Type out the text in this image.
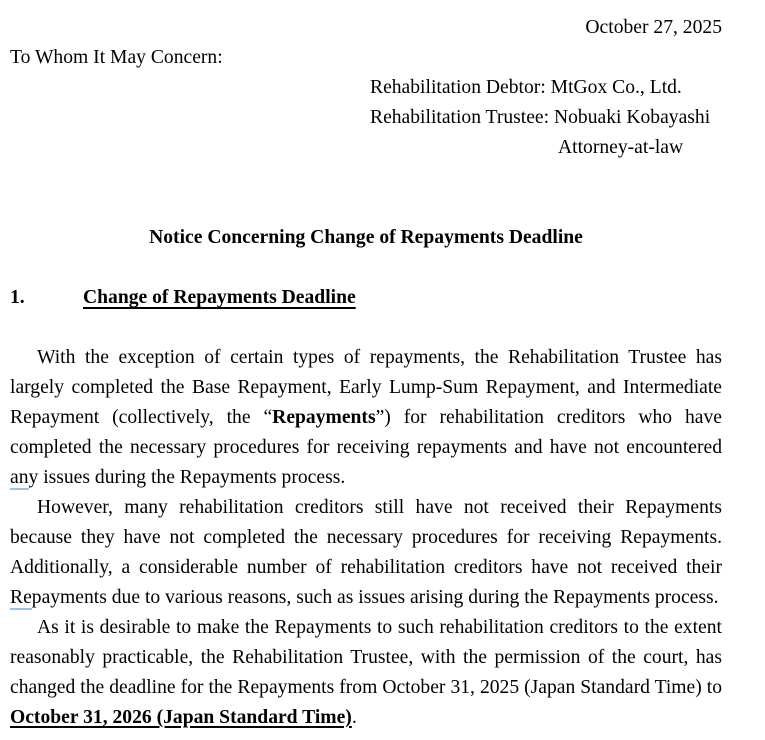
October 27, 2025
To Whom It May Concern:
Rehabilitation Debtor: MtGox Co., Ltd.
Rehabilitation Trustee: Nobuaki Kobayashi
Attorney-at-law
Notice Concerning Change of Repayments Deadline
1.	Change of Repayments Deadline

With the exception of certain types of repayments, the Rehabilitation Trustee has largely completed the Base Repayment, Early Lump-Sum Repayment, and Intermediate Repayment (collectively, the “Repayments”) for rehabilitation creditors who have completed the necessary procedures for receiving repayments and have not encountered any issues during the Repayments process.

However, many rehabilitation creditors still have not received their Repayments because they have not completed the necessary procedures for receiving Repayments. Additionally, a considerable number of rehabilitation creditors have not received their Repayments due to various reasons, such as issues arising during the Repayments process.

As it is desirable to make the Repayments to such rehabilitation creditors to the extent reasonably practicable, the Rehabilitation Trustee, with the permission of the court, has changed the deadline for the Repayments from October 31, 2025 (Japan Standard Time) to October 31, 2026 (Japan Standard Time).
